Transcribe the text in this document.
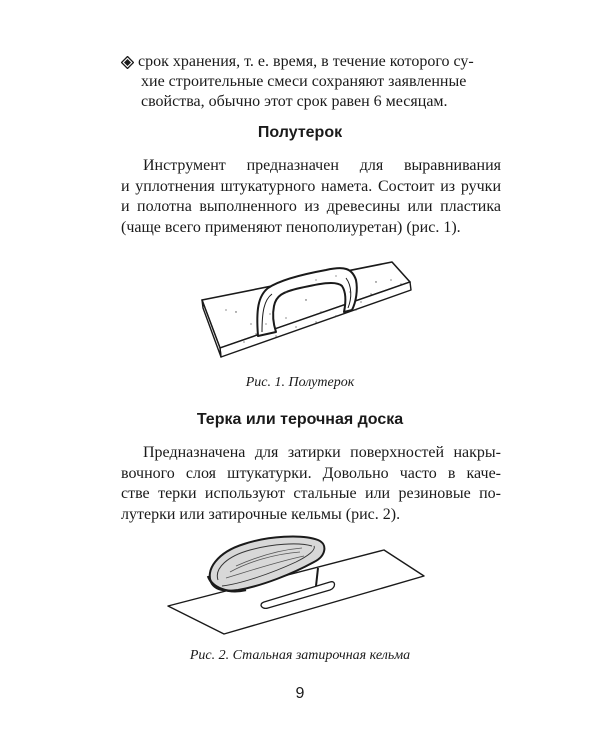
срок хранения, т. е. время, в течение которого су-
хие строительные смеси сохраняют заявленные
свойства, обычно этот срок равен 6 месяцам.
Полутерок
Инструмент предназначен для выравнивания
и уплотнения штукатурного намета. Состоит из ручки
и полотна выполненного из древесины или пластика
(чаще всего применяют пенополиуретан) (рис. 1).
Рис. 1. Полутерок
Терка или терочная доска
Предназначена для затирки поверхностей накры-
вочного слоя штукатурки. Довольно часто в каче-
стве терки используют стальные или резиновые по-
лутерки или затирочные кельмы (рис. 2).
Рис. 2. Стальная затирочная кельма
9
